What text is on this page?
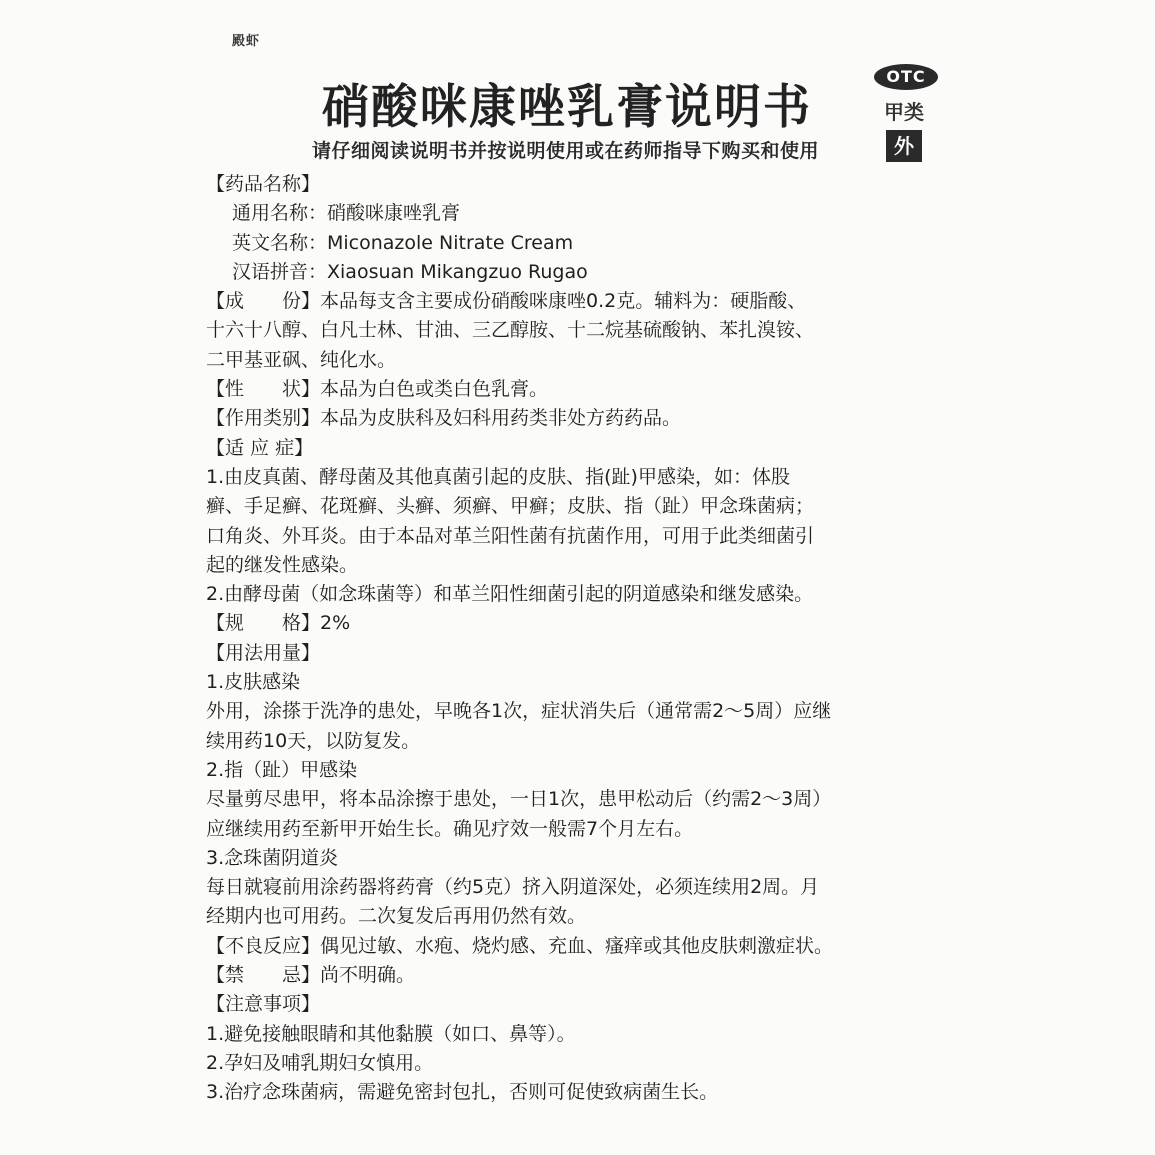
殿虾
硝酸咪康唑乳膏说明书
OTC
甲类
请仔细阅读说明书并按说明使用或在药师指导下购买和使用	外
【药品名称】
通用名称：硝酸咪康唑乳膏
英文名称：Miconazole Nitrate Cream
汉语拼音：Xiaosuan Mikangzuo Rugao
【成　　份】本品每支含主要成份硝酸咪康唑0.2克。辅料为：硬脂酸、
十六十八醇、白凡士林、甘油、三乙醇胺、十二烷基硫酸钠、苯扎溴铵、
二甲基亚砜、纯化水。
【性　　状】本品为白色或类白色乳膏。
【作用类别】本品为皮肤科及妇科用药类非处方药药品。
【适 应 症】
1.由皮真菌、酵母菌及其他真菌引起的皮肤、指(趾)甲感染，如：体股
癣、手足癣、花斑癣、头癣、须癣、甲癣；皮肤、指（趾）甲念珠菌病；
口角炎、外耳炎。由于本品对革兰阳性菌有抗菌作用，可用于此类细菌引
起的继发性感染。
2.由酵母菌（如念珠菌等）和革兰阳性细菌引起的阴道感染和继发感染。
【规　　格】2%
【用法用量】
1.皮肤感染
外用，涂搽于洗净的患处，早晚各1次，症状消失后（通常需2～5周）应继
续用药10天，以防复发。
2.指（趾）甲感染
尽量剪尽患甲，将本品涂擦于患处，一日1次，患甲松动后（约需2～3周）
应继续用药至新甲开始生长。确见疗效一般需7个月左右。
3.念珠菌阴道炎
每日就寝前用涂药器将药膏（约5克）挤入阴道深处，必须连续用2周。月
经期内也可用药。二次复发后再用仍然有效。
【不良反应】偶见过敏、水疱、烧灼感、充血、瘙痒或其他皮肤刺激症状。
【禁　　忌】尚不明确。
【注意事项】
1.避免接触眼睛和其他黏膜（如口、鼻等）。
2.孕妇及哺乳期妇女慎用。
3.治疗念珠菌病，需避免密封包扎，否则可促使致病菌生长。
